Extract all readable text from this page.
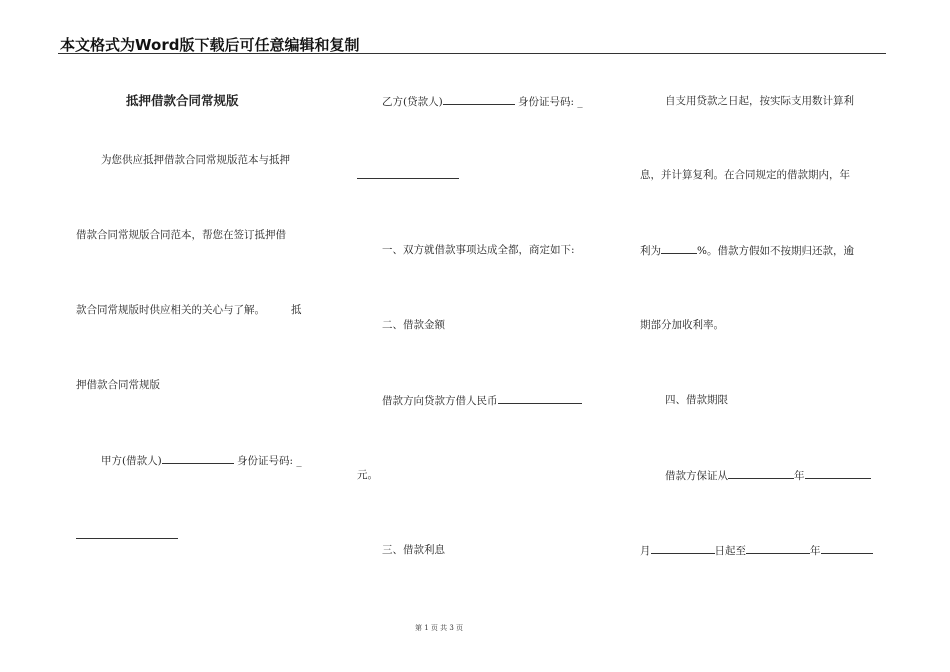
本文格式为Word版下载后可任意编辑和复制
抵押借款合同常规版
为您供应抵押借款合同常规版范本与抵押
借款合同常规版合同范本，帮您在签订抵押借
款合同常规版时供应相关的关心与了解。 抵
押借款合同常规版
甲方(借款人)	身份证号码: _
乙方(贷款人)	身份证号码: _
一、双方就借款事项达成全都，商定如下:
二、借款金额
借款方向贷款方借人民币
元。
三、借款利息
自支用贷款之日起，按实际支用数计算利
息，并计算复利。在合同规定的借款期内，年
利为	%。借款方假如不按期归还款，逾
期部分加收利率。
四、借款期限
借款方保证从	年
月	日起至	年
第 1 页 共 3 页
